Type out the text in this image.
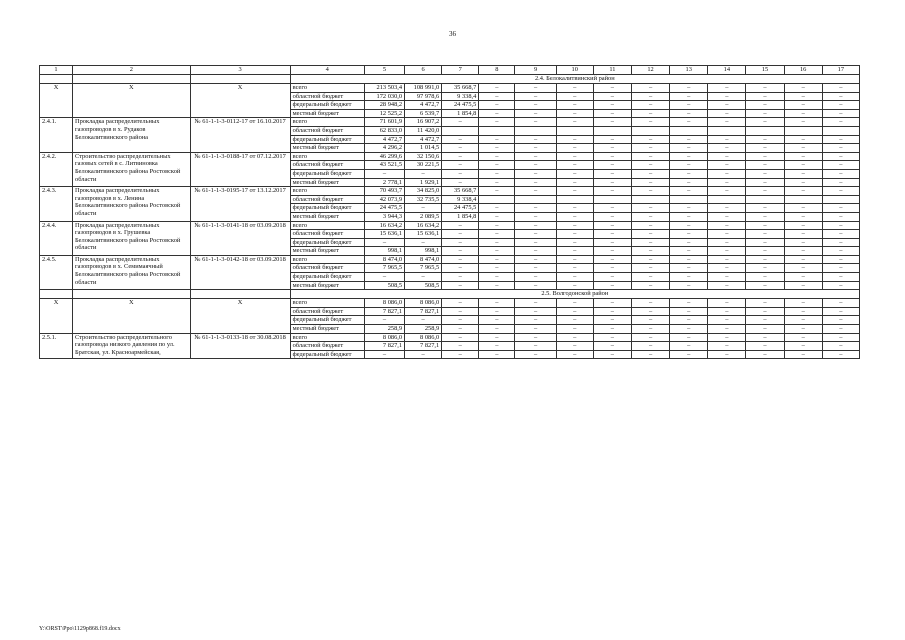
36
1	2	3	4	5	6	7	8	9	10	11	12	13	14	15	16	17
			2.4. Белокалитвинский район													
X	X	X	всего	213 503,4	108 991,0	35 668,7	–	–	–	–	–	–	–	–	–	–
			областной бюджет	172 030,0	97 978,6	9 338,4	–	–	–	–	–	–	–	–	–	–
			федеральный бюджет	28 948,2	4 472,7	24 475,5	–	–	–	–	–	–	–	–	–	–
			местный бюджет	12 525,2	6 539,7	1 854,8	–	–	–	–	–	–	–	–	–	–
2.4.1.	Прокладка распределительных газопроводов в х. Рудаков Белокалитвинского района	№ 61-1-1-3-0112-17 от 16.10.2017	всего	71 601,9	16 907,2	–	–	–	–	–	–	–	–	–	–	–
			областной бюджет	62 833,0	11 420,0											
			федеральный бюджет	4 472,7	4 472,7	–	–	–	–	–	–	–	–	–	–	–
			местный бюджет	4 296,2	1 014,5	–	–	–	–	–	–	–	–	–	–	–
2.4.2.	Строительство распределительных газовых сетей в с. Литвиновка Белокалитвинского района Ростовской области	№ 61-1-1-3-0188-17 от 07.12.2017	всего	46 299,6	32 150,6	–	–	–	–	–	–	–	–	–	–	–
			областной бюджет	43 521,5	30 221,5	–	–	–	–	–	–	–	–	–	–	–
			федеральный бюджет	–	–	–	–	–	–	–	–	–	–	–	–	–
			местный бюджет	2 778,1	1 929,1	–	–	–	–	–	–	–	–	–	–	–
2.4.3.	Прокладка распределительных газопроводов в х. Ленина Белокалитвинского района Ростовской области	№ 61-1-1-3-0195-17 от 13.12.2017	всего	70 493,7	34 825,0	35 668,7	–	–	–	–	–	–	–	–	–	–
			областной бюджет	42 073,9	32 735,5	9 338,4										
			федеральный бюджет	24 475,5	–	24 475,5	–	–	–	–	–	–	–	–	–	–
			местный бюджет	3 944,3	2 089,5	1 854,8	–	–	–	–	–	–	–	–	–	–
2.4.4.	Прокладка распределительных газопроводов в х. Грушевка Белокалитвинского района Ростовской области	№ 61-1-1-3-0141-18 от 03.09.2018	всего	16 634,2	16 634,2	–	–	–	–	–	–	–	–	–	–	–
			областной бюджет	15 636,1	15 636,1	–	–	–	–	–	–	–	–	–	–	–
			федеральный бюджет	–	–	–	–	–	–	–	–	–	–	–	–	–
			местный бюджет	998,1	998,1	–	–	–	–	–	–	–	–	–	–	–
2.4.5.	Прокладка распределительных газопроводов в х. Семимаячный Белокалитвинского района Ростовской области	№ 61-1-1-3-0142-18 от 03.09.2018	всего	8 474,0	8 474,0	–	–	–	–	–	–	–	–	–	–	–
			областной бюджет	7 965,5	7 965,5	–	–	–	–	–	–	–	–	–	–	–
			федеральный бюджет	–	–	–	–	–	–	–	–	–	–	–	–	–
			местный бюджет	508,5	508,5	–	–	–	–	–	–	–	–	–	–	–
			2.5. Волгодонской район													
X	X	X	всего	8 086,0	8 086,0	–	–	–	–	–	–	–	–	–	–	–
			областной бюджет	7 827,1	7 827,1	–	–	–	–	–	–	–	–	–	–	–
			федеральный бюджет	–	–	–	–	–	–	–	–	–	–	–	–	–
			местный бюджет	258,9	258,9	–	–	–	–	–	–	–	–	–	–	–
2.5.1.	Строительство распределительного газопровода низкого давления по ул. Братская, ул. Красноармейская,	№ 61-1-1-3-0133-18 от 30.08.2018	всего	8 086,0	8 086,0	–	–	–	–	–	–	–	–	–	–	–
			областной бюджет	7 827,1	7 827,1	–	–	–	–	–	–	–	–	–	–	–
			федеральный бюджет	–	–	–	–	–	–	–	–	–	–	–	–	–
Y:\ORST\Ppo\1129p868.f19.docx
